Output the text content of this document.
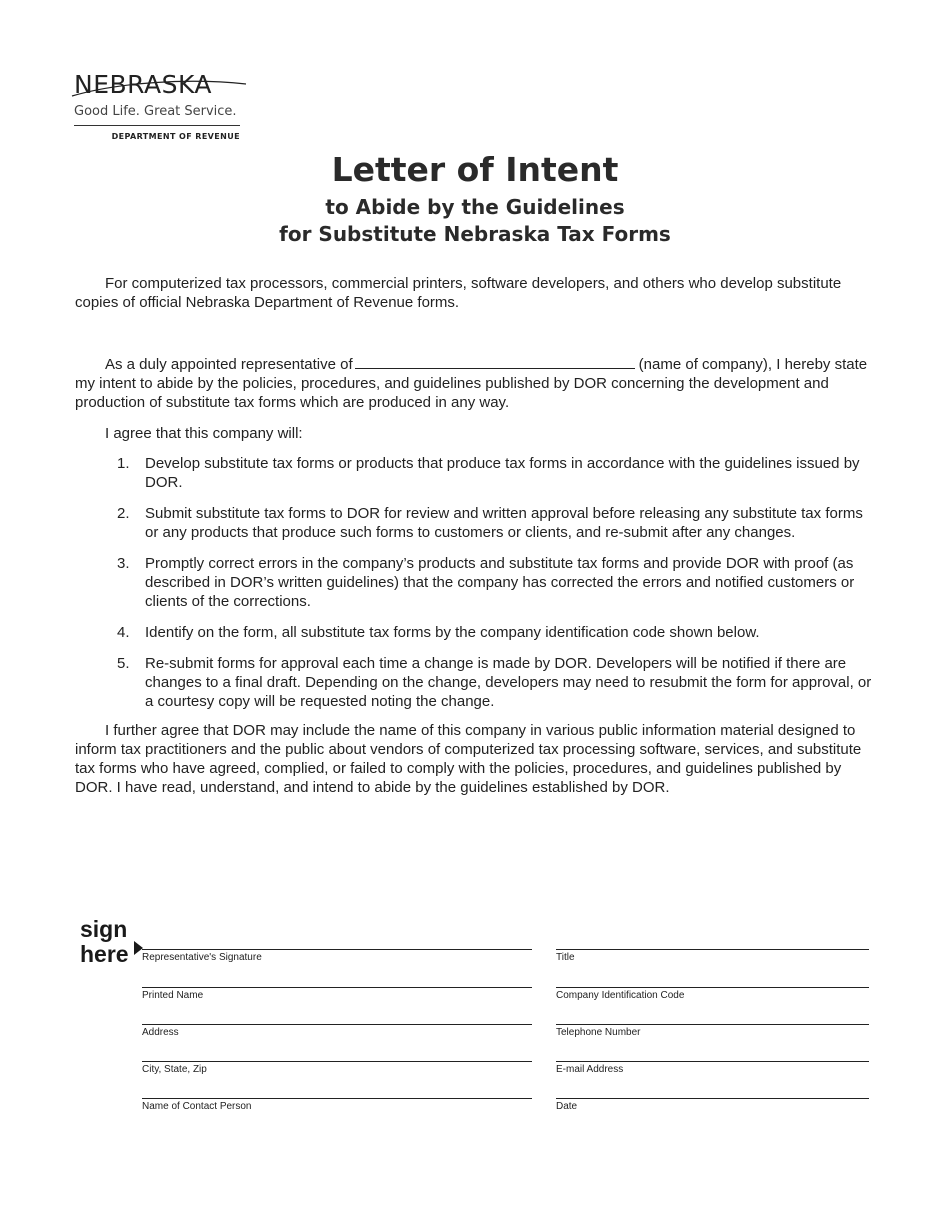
NEBRASKA
Good Life. Great Service.
DEPARTMENT OF REVENUE
Letter of Intent
to Abide by the Guidelines
for Substitute Nebraska Tax Forms

For computerized tax processors, commercial printers, software developers, and others who develop substitute copies of official Nebraska Department of Revenue forms.

As a duly appointed representative of	(name of company), I hereby state my intent to abide by the policies, procedures, and guidelines published by DOR concerning the development and production of substitute tax forms which are produced in any way.

I agree that this company will:

1. Develop substitute tax forms or products that produce tax forms in accordance with the guidelines issued by DOR.
2. Submit substitute tax forms to DOR for review and written approval before releasing any substitute tax forms or any products that produce such forms to customers or clients, and re-submit after any changes.
3. Promptly correct errors in the company’s products and substitute tax forms and provide DOR with proof (as described in DOR’s written guidelines) that the company has corrected the errors and notified customers or clients of the corrections.
4. Identify on the form, all substitute tax forms by the company identification code shown below.
5. Re-submit forms for approval each time a change is made by DOR. Developers will be notified if there are changes to a final draft. Depending on the change, developers may need to resubmit the form for approval, or a courtesy copy will be requested noting the change.

I further agree that DOR may include the name of this company in various public information material designed to inform tax practitioners and the public about vendors of computerized tax processing software, services, and substitute tax forms who have agreed, complied, or failed to comply with the policies, procedures, and guidelines published by DOR. I have read, understand, and intend to abide by the guidelines established by DOR.

sign
here Representative's Signature
Printed Name
Address
City, State, Zip
Name of Contact Person
Title
Company Identification Code
Telephone Number
E-mail Address
Date
